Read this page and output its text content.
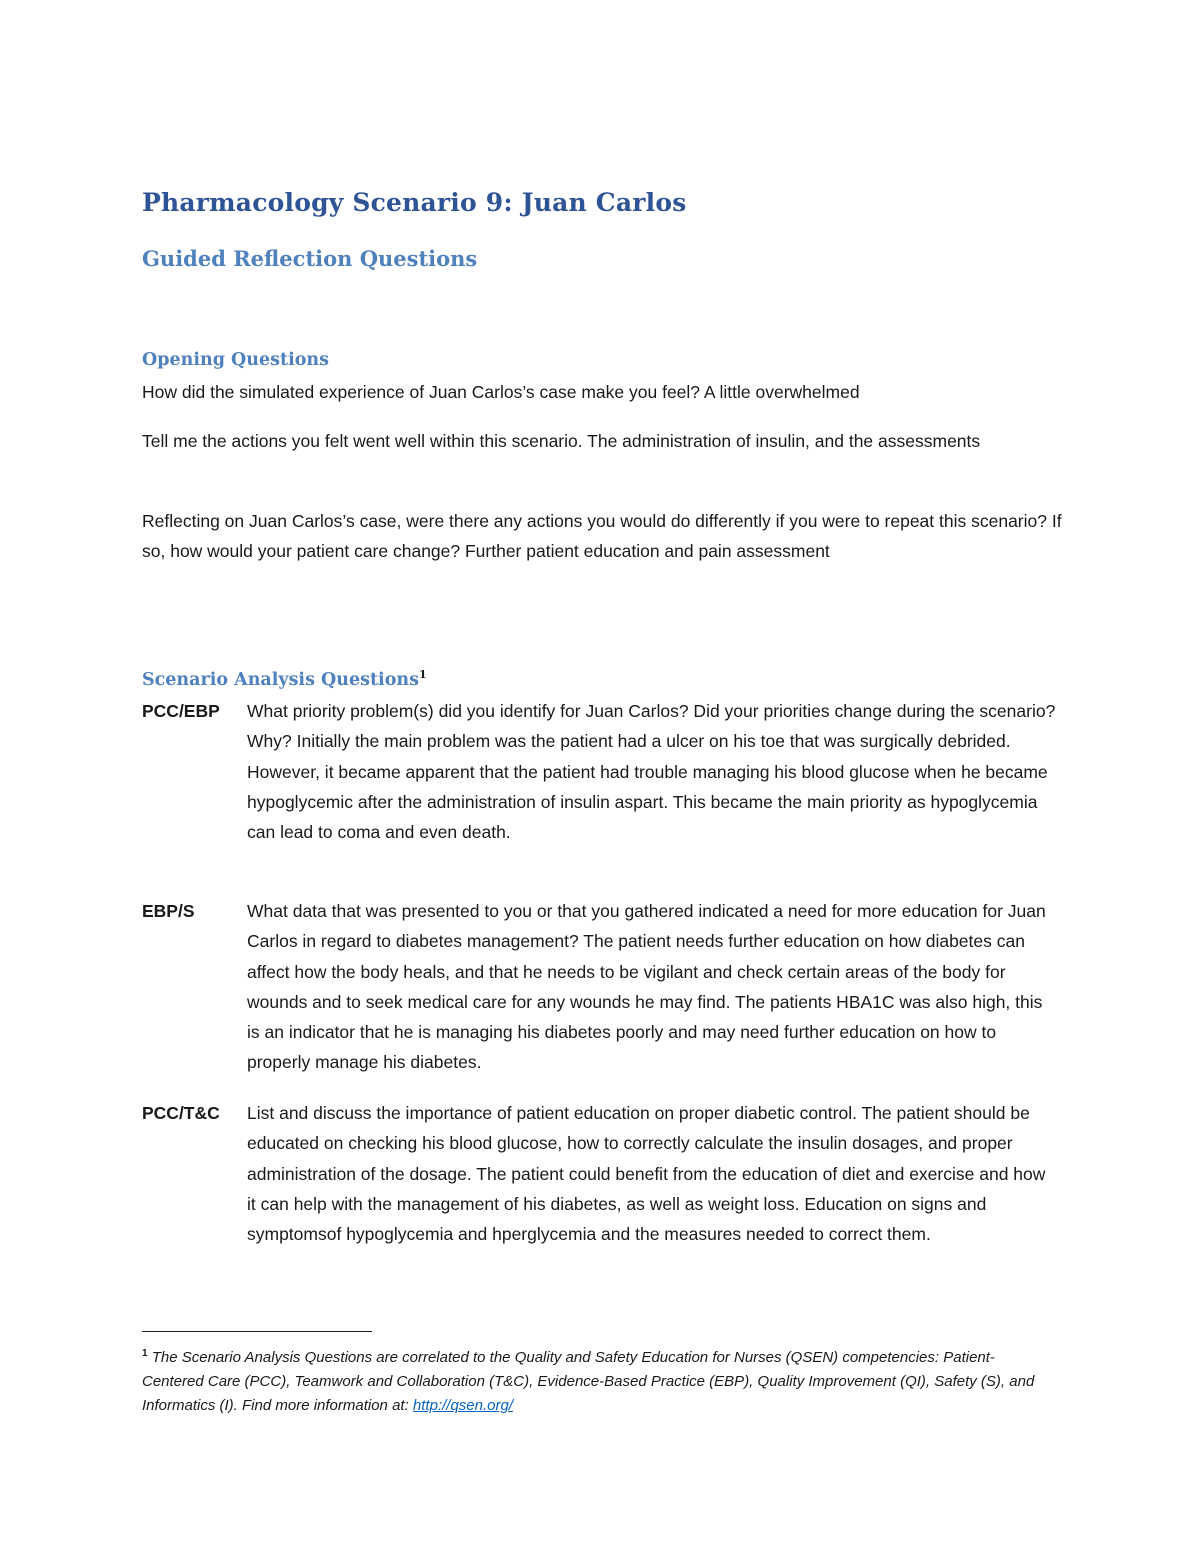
Pharmacology Scenario 9: Juan Carlos
Guided Reflection Questions
Opening Questions

How did the simulated experience of Juan Carlos’s case make you feel? A little overwhelmed

Tell me the actions you felt went well within this scenario. The administration of insulin, and the assessments

Reflecting on Juan Carlos’s case, were there any actions you would do differently if you were to repeat this scenario? If so, how would your patient care change? Further patient education and pain assessment

Scenario Analysis Questions$^1$
PCC/EBP What priority problem(s) did you identify for Juan Carlos? Did your priorities change during the scenario? Why? Initially the main problem was the patient had a ulcer on his toe that was surgically debrided. However, it became apparent that the patient had trouble managing his blood glucose when he became hypoglycemic after the administration of insulin aspart. This became the main priority as hypoglycemia can lead to coma and even death.
EBP/S	What data that was presented to you or that you gathered indicated a need for more education for Juan Carlos in regard to diabetes management? The patient needs further education on how diabetes can affect how the body heals, and that he needs to be vigilant and check certain areas of the body for wounds and to seek medical care for any wounds he may find. The patients HBA1C was also high, this is an indicator that he is managing his diabetes poorly and may need further education on how to properly manage his diabetes.
PCC/T&C List and discuss the importance of patient education on proper diabetic control. The patient should be educated on checking his blood glucose, how to correctly calculate the insulin dosages, and proper administration of the dosage. The patient could benefit from the education of diet and exercise and how it can help with the management of his diabetes, as well as weight loss. Education on signs and symptomsof hypoglycemia and hperglycemia and the measures needed to correct them.

$^1$ The Scenario Analysis Questions are correlated to the Quality and Safety Education for Nurses (QSEN) competencies: Patient-Centered Care (PCC), Teamwork and Collaboration (T&C), Evidence-Based Practice (EBP), Quality Improvement (QI), Safety (S), and Informatics (I). Find more information at: http://qsen.org/
